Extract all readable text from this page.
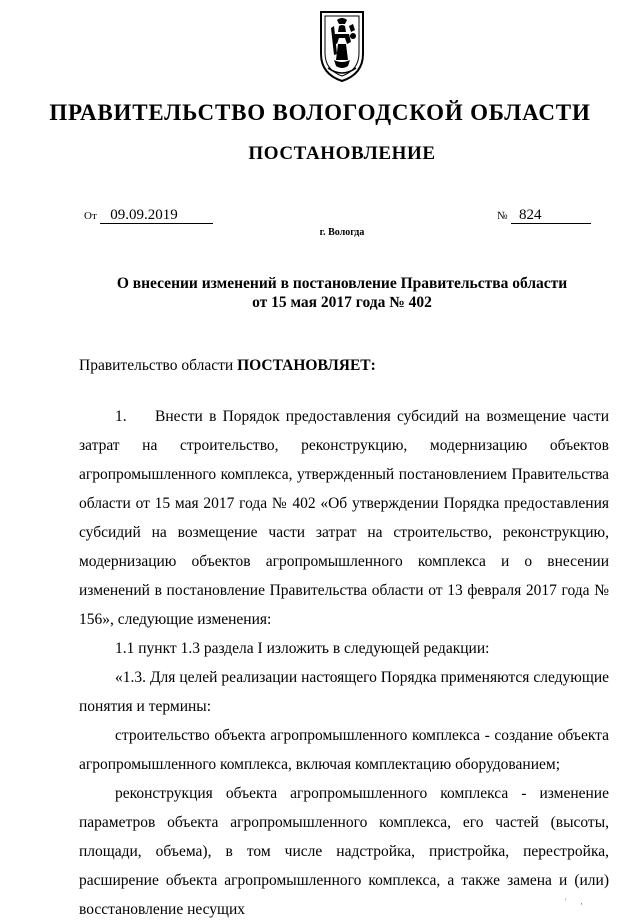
ПРАВИТЕЛЬСТВО ВОЛОГОДСКОЙ ОБЛАСТИ
ПОСТАНОВЛЕНИЕ
От 09.09.2019	№ 824
г. Вологда
О внесении изменений в постановление Правительства области
от 15 мая 2017 года № 402
Правительство области ПОСТАНОВЛЯЕТ:

1. Внести в Порядок предоставления субсидий на возмещение части затрат на строительство, реконструкцию, модернизацию объектов агропромышленного комплекса, утвержденный постановлением Правительства области от 15 мая 2017 года № 402 «Об утверждении Порядка предоставления субсидий на возмещение части затрат на строительство, реконструкцию, модернизацию объектов агропромышленного комплекса и о внесении изменений в постановление Правительства области от 13 февраля 2017 года № 156», следующие изменения:

1.1 пункт 1.3 раздела I изложить в следующей редакции:

«1.3. Для целей реализации настоящего Порядка применяются следующие понятия и термины:

строительство объекта агропромышленного комплекса - создание объекта агропромышленного комплекса, включая комплектацию оборудованием;

реконструкция объекта агропромышленного комплекса - изменение параметров объекта агропромышленного комплекса, его частей (высоты, площади, объема), в том числе надстройка, пристройка, перестройка, расширение объекта агропромышленного комплекса, а также замена и (или) восстановление несущих	' ,
